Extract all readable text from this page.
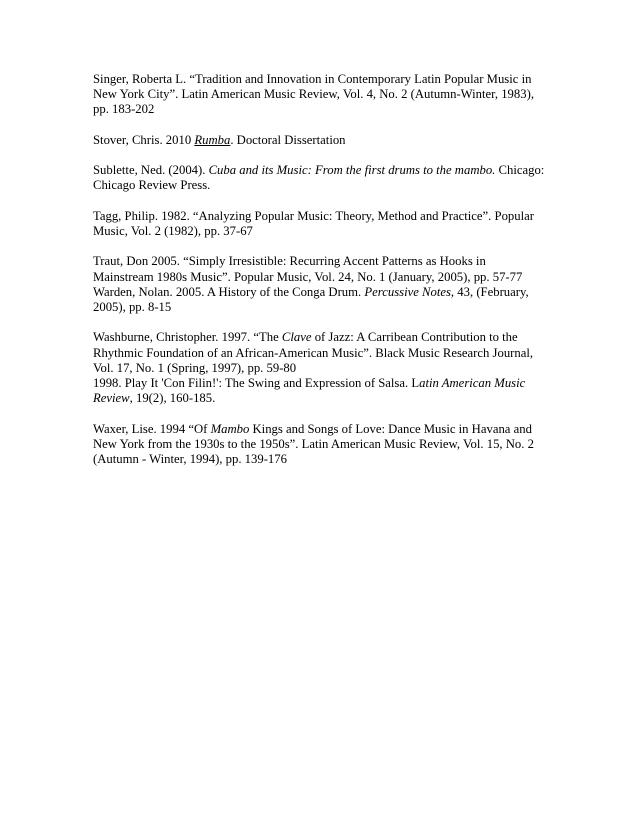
Singer, Roberta L. “Tradition and Innovation in Contemporary Latin Popular Music in
New York City”. Latin American Music Review, Vol. 4, No. 2 (Autumn-Winter, 1983),
pp. 183-202

Stover, Chris. 2010 Rumba. Doctoral Dissertation

Sublette, Ned. (2004). Cuba and its Music: From the first drums to the mambo. Chicago:
Chicago Review Press.

Tagg, Philip. 1982. “Analyzing Popular Music: Theory, Method and Practice”. Popular
Music, Vol. 2 (1982), pp. 37-67

Traut, Don 2005. “Simply Irresistible: Recurring Accent Patterns as Hooks in
Mainstream 1980s Music”. Popular Music, Vol. 24, No. 1 (January, 2005), pp. 57-77
Warden, Nolan. 2005. A History of the Conga Drum. Percussive Notes, 43, (February,
2005), pp. 8-15

Washburne, Christopher. 1997. “The Clave of Jazz: A Carribean Contribution to the
Rhythmic Foundation of an African-American Music”. Black Music Research Journal,
Vol. 17, No. 1 (Spring, 1997), pp. 59-80
1998. Play It 'Con Filin!': The Swing and Expression of Salsa. Latin American Music
Review, 19(2), 160-185.

Waxer, Lise. 1994 “Of Mambo Kings and Songs of Love: Dance Music in Havana and
New York from the 1930s to the 1950s”. Latin American Music Review, Vol. 15, No. 2
(Autumn - Winter, 1994), pp. 139-176
